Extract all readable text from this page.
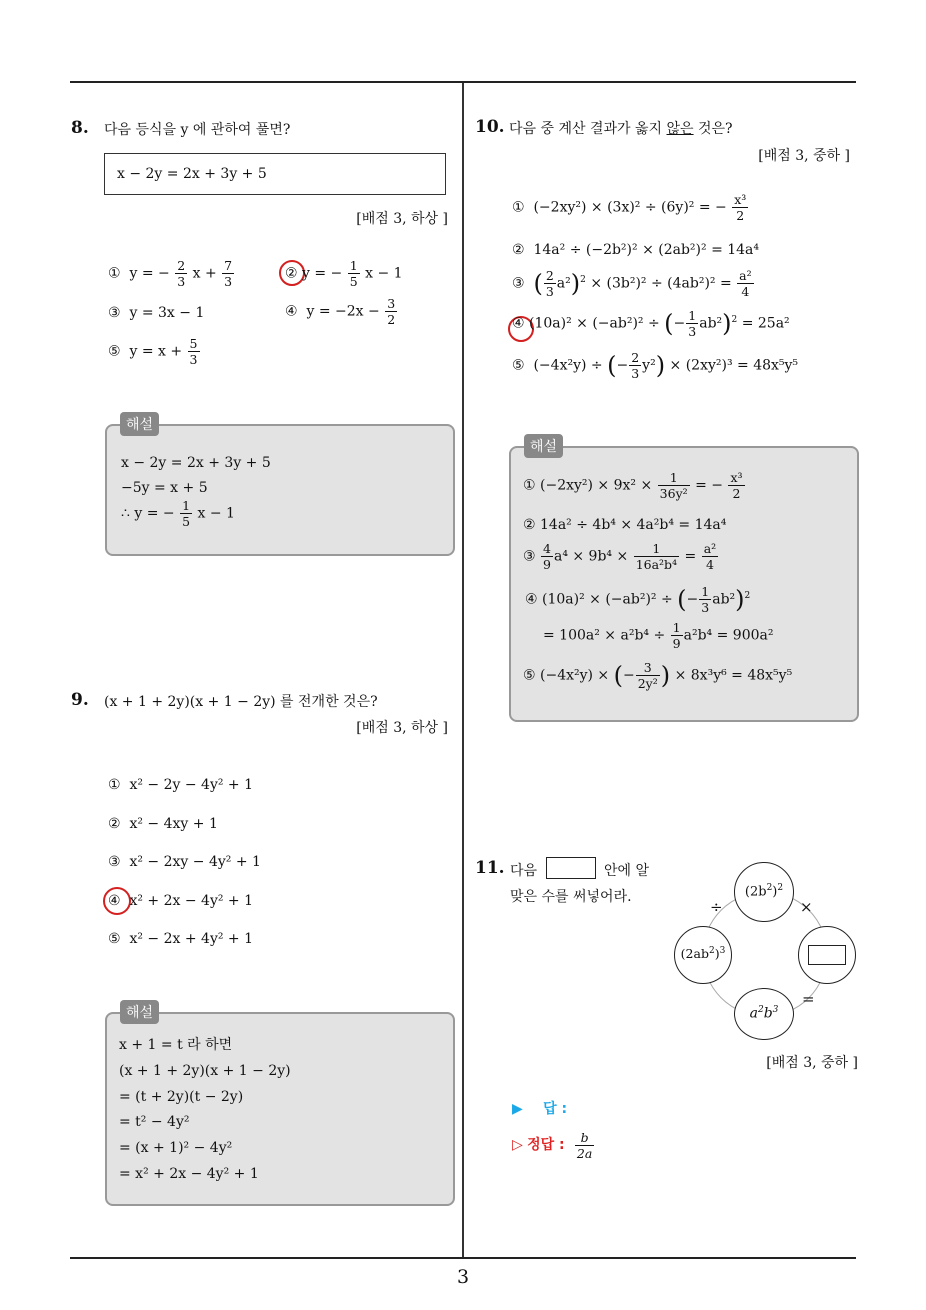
8. 다음 등식을 y 에 관하여 풀면?
x − 2y = 2x + 3y + 5
[배점 3, 하상 ]
① y = − $\frac{2}{3}$ $x + \frac{7}{3}$	② y = − $\frac{1}{5}$ x − 1
③ y = 3x − 1	④ $y = -2x - \frac{3}{2}$
⑤ $y = x + \frac{5}{3}$
x − 2y = 2x + 3y + 5
−5y = x + 5
∴ y = − $\frac{1}{5}$ x − 1
해설
9. (x + 1 + 2y)(x + 1 − 2y) 를 전개한 것은?
[배점 3, 하상 ]
① x² − 2y − 4y² + 1
② x² − 4xy + 1
③ x² − 2xy − 4y² + 1
④ x² + 2x − 4y² + 1
⑤ x² − 2x + 4y² + 1
x + 1 = t 라 하면
(x + 1 + 2y)(x + 1 − 2y)
= (t + 2y)(t − 2y)
= t² − 4y²
= (x + 1)² − 4y²
= x² + 2x − 4y² + 1
해설
10. 다음 중 계산 결과가 옳지 않은 것은?
[배점 3, 중하 ]
① (−2xy²) × (3x)² ÷ (6y)² = − $\frac{\text{x³}}{2}$
② 14a² ÷ (−2b²)² × (2ab²)² = 14a⁴
③ ( $\frac{2}{3} a^2)^2 \times (3b^2)^2 \div (4ab^2)^2 = \frac{\text{a²}}{4}$
④ (10a)² × (−ab²)² ÷ (− $\frac{1}{3} ab^2)^2 = 25a^2$
⑤ (−4x²y) ÷ (− $\frac{2}{3} y^2) \times (2xy^2)^3 = 48x^5y^5$
① $(-2xy^2) \times 9x^2 \times \frac{1}{\text{36y²}}$ = − $\frac{\text{x³}}{2}$
② 14a² ÷ 4b⁴ × 4a²b⁴ = 14a⁴
③ $\frac{4}{9} a^4 \times 9b^4 \times \frac{1}{\text{16a²b⁴}} = \frac{\text{a²}}{4}$
④ (10a)² × (−ab²)² ÷ (− $\frac{1}{3} ab^2)^2$
= $100a^2 \times a^2b^4 \div \frac{1}{9} a^2b^4 = 900a^2$
⑤ (−4x²y) × (− $\frac{3}{\text{2y²}}$ ) × 8x³y⁶ = 48x⁵y⁵
해설
11. 다음	안에 알
맞은 수를 써넣어라.	$(2b^2)^2$
$(2ab^2)^3$
$a^2b^3$
÷	×
=
[배점 3, 중하 ]
▶ 답 :
▷ 정답 : $\frac{b}{2a}$
3
